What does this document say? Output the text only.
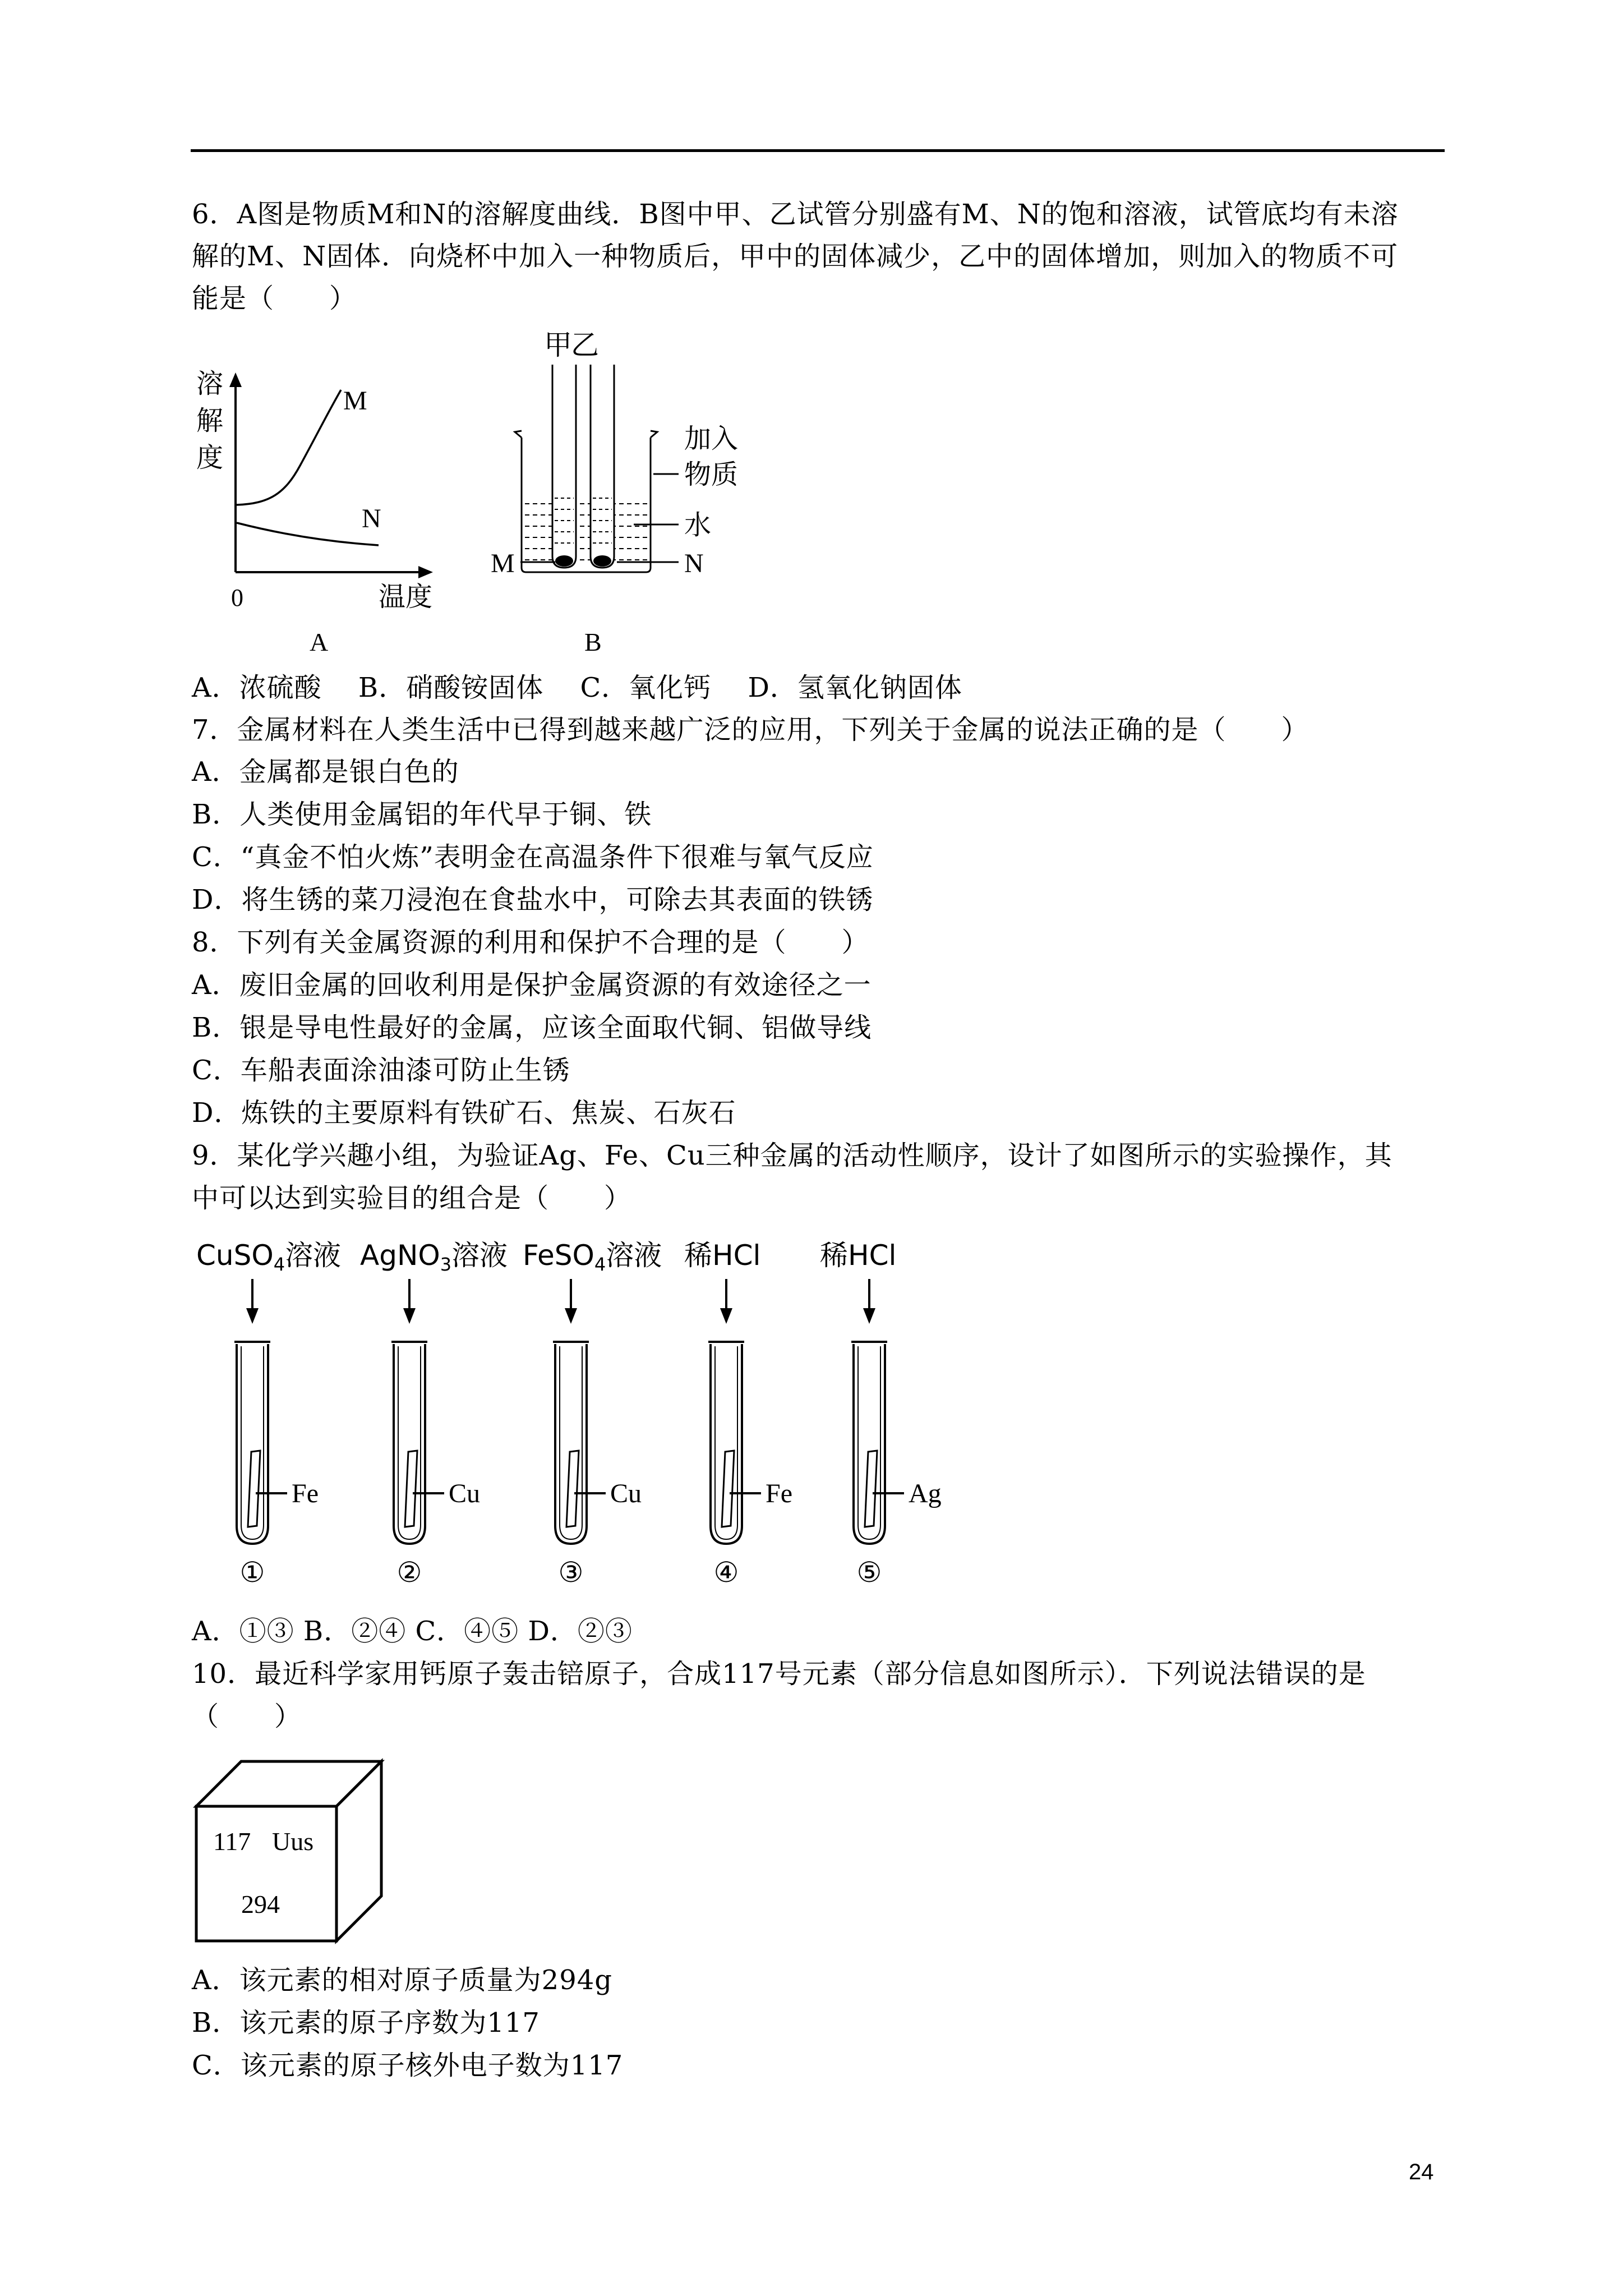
6．A图是物质M和N的溶解度曲线．B图中甲、乙试管分别盛有M、N的饱和溶液，试管底均有未溶
解的M、N固体．向烧杯中加入一种物质后，甲中的固体减少，乙中的固体增加，则加入的物质不可
能是（　　）
溶
解
度
M
N
0	温度
A
甲
乙
加入
物质
水
N
M
B
A．浓硫酸　 B．硝酸铵固体　 C．氧化钙　 D．氢氧化钠固体
7．金属材料在人类生活中已得到越来越广泛的应用，下列关于金属的说法正确的是（　　）
A．金属都是银白色的
B．人类使用金属铝的年代早于铜、铁
C．“真金不怕火炼”表明金在高温条件下很难与氧气反应
D．将生锈的菜刀浸泡在食盐水中，可除去其表面的铁锈
8．下列有关金属资源的利用和保护不合理的是（　　）
A．废旧金属的回收利用是保护金属资源的有效途径之一
B．银是导电性最好的金属，应该全面取代铜、铝做导线
C．车船表面涂油漆可防止生锈
D．炼铁的主要原料有铁矿石、焦炭、石灰石
9．某化学兴趣小组，为验证Ag、Fe、Cu三种金属的活动性顺序，设计了如图所示的实验操作，其
中可以达到实验目的组合是（　　）
CuSO$_4$溶液 AgNO$_3$溶液 FeSO$_4$溶液 稀HCl 稀HCl
Fe
①
Cu
②
Cu
③
Fe
④
Ag
⑤
A．①③ B．②④ C．④⑤ D．②③
10．最近科学家用钙原子轰击锫原子，合成117号元素（部分信息如图所示）．下列说法错误的是
（　　）
117 Uus
294
A．该元素的相对原子质量为294g
B．该元素的原子序数为117
C．该元素的原子核外电子数为117
24
